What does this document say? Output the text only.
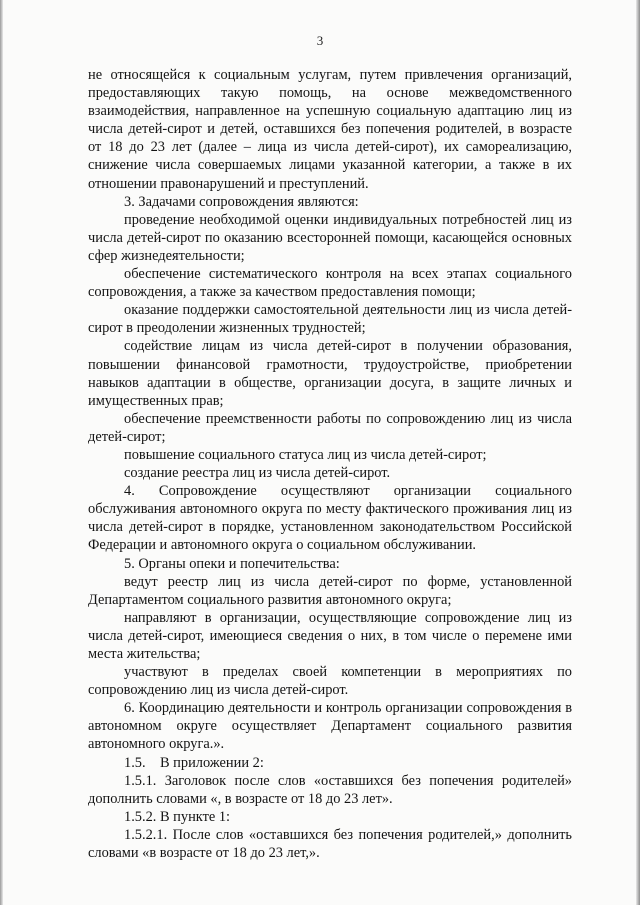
3

не относящейся к социальным услугам, путем привлечения организаций, предоставляющих такую помощь, на основе межведомственного взаимодействия, направленное на успешную социальную адаптацию лиц из числа детей-сирот и детей, оставшихся без попечения родителей, в возрасте от 18 до 23 лет (далее – лица из числа детей-сирот), их самореализацию, снижение числа совершаемых лицами указанной категории, а также в их отношении правонарушений и преступлений.

3. Задачами сопровождения являются:

проведение необходимой оценки индивидуальных потребностей лиц из числа детей-сирот по оказанию всесторонней помощи, касающейся основных сфер жизнедеятельности;

обеспечение систематического контроля на всех этапах социального сопровождения, а также за качеством предоставления помощи;

оказание поддержки самостоятельной деятельности лиц из числа детей-сирот в преодолении жизненных трудностей;

содействие лицам из числа детей-сирот в получении образования, повышении финансовой грамотности, трудоустройстве, приобретении навыков адаптации в обществе, организации досуга, в защите личных и имущественных прав;

обеспечение преемственности работы по сопровождению лиц из числа детей-сирот;

повышение социального статуса лиц из числа детей-сирот;

создание реестра лиц из числа детей-сирот.

4. Сопровождение осуществляют организации социального обслуживания автономного округа по месту фактического проживания лиц из числа детей-сирот в порядке, установленном законодательством Российской Федерации и автономного округа о социальном обслуживании.

5. Органы опеки и попечительства:

ведут реестр лиц из числа детей-сирот по форме, установленной Департаментом социального развития автономного округа;

направляют в организации, осуществляющие сопровождение лиц из числа детей-сирот, имеющиеся сведения о них, в том числе о перемене ими места жительства;

участвуют в пределах своей компетенции в мероприятиях по сопровождению лиц из числа детей-сирот.

6. Координацию деятельности и контроль организации сопровождения в автономном округе осуществляет Департамент социального развития автономного округа.».

1.5.    В приложении 2:

1.5.1. Заголовок после слов «оставшихся без попечения родителей» дополнить словами «, в возрасте от 18 до 23 лет».

1.5.2. В пункте 1:

1.5.2.1. После слов «оставшихся без попечения родителей,» дополнить словами «в возрасте от 18 до 23 лет,».
